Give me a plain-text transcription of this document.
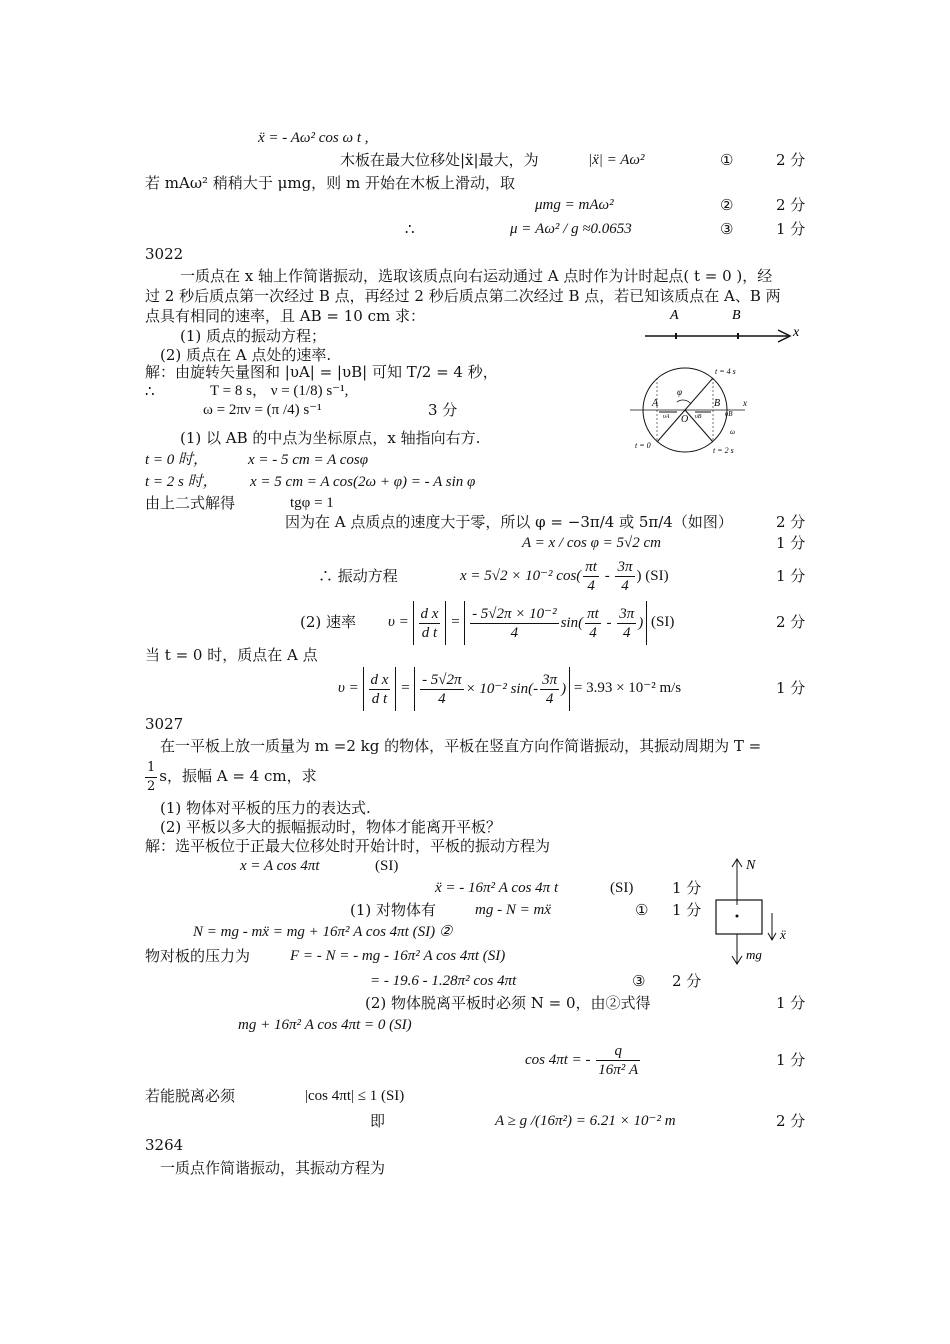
ẍ = - Aω² cos ω t ,
木板在最大位移处|ẍ|最大，为	|ẍ| = Aω²	①	2 分
若 mAω² 稍稍大于 μmg，则 m 开始在木板上滑动，取
μmg = mAω²	②	2 分
∴	μ = Aω² / g ≈0.0653	③	1 分
3022
一质点在 x 轴上作简谐振动，选取该质点向右运动通过 A 点时作为计时起点( t = 0 )，经
过 2 秒后质点第一次经过 B 点，再经过 2 秒后质点第二次经过 B 点，若已知该质点在 A、B 两
点具有相同的速率，且 AB = 10 cm 求：
(1) 质点的振动方程；
(2) 质点在 A 点处的速率.
A	B
x
解：由旋转矢量图和 |υA| = |υB| 可知 T/2 = 4 秒，
∴	T = 8 s， ν = (1/8) s⁻¹,
ω = 2πν = (π /4) s⁻¹	3 分
t = 4 s
φ
A	B
O
x
υA	υB	υB
ω
t = 0
t = 2 s
(1) 以 AB 的中点为坐标原点，x 轴指向右方.
t = 0 时，	x = - 5 cm = A cosφ
t = 2 s 时， x = 5 cm = A cos(2ω + φ) = - A sin φ
由上二式解得	tgφ = 1
因为在 A 点质点的速度大于零，所以 φ = −3π/4 或 5π/4（如图）	2 分
A = x / cos φ = 5√2 cm	1 分
∴ 振动方程	x = 5√2 × 10⁻² $\cos( \frac{\pi t}{4} - \frac{3\pi}{4}$ ) (SI)	1 分
(2) 速率 $\upsilon = \frac{\text{d x}}{\text{d t}} = \frac{\text{- 5√2π × 10⁻²}}{4} \sin( \frac{\pi t}{4} - \frac{3\pi}{4}$ ) (SI)	2 分
当 t = 0 时，质点在 A 点
$\upsilon = \frac{\text{d x}}{\text{d t}} = \frac{- 5√2\pi}{4} \times 10^{-2}$ $\sin(- \frac{3\pi}{4}$ ) = 3.93 × 10⁻² m/s	1 分
3027
在一平板上放一质量为 m =2 kg 的物体，平板在竖直方向作简谐振动，其振动周期为 T =
$\frac{1}{2}$ s，振幅 A = 4 cm，求
(1) 物体对平板的压力的表达式.
(2) 平板以多大的振幅振动时，物体才能离开平板？
解：选平板位于正最大位移处时开始计时，平板的振动方程为
x = A cos 4πt	(SI)
ẍ = - 16π² A cos 4π t	(SI)	1 分
(1) 对物体有	mg - N = mẍ	① 1 分
N = mg - mẍ = mg + 16π² A cos 4πt (SI) ②
N
mg
ẍ
物对板的压力为	F = - N = - mg - 16π² A cos 4πt (SI)
= - 19.6 - 1.28π² cos 4πt	③ 2 分
(2) 物体脱离平板时必须 N = 0，由②式得	1 分
mg + 16π² A cos 4πt = 0 (SI)
cos 4πt = - $\frac{q}{\text{16π² A}}$	1 分
若能脱离必须	|cos 4πt| ≤ 1 (SI)
即	A ≥ g /(16π²) = 6.21 × 10⁻² m	2 分
3264
一质点作简谐振动，其振动方程为
